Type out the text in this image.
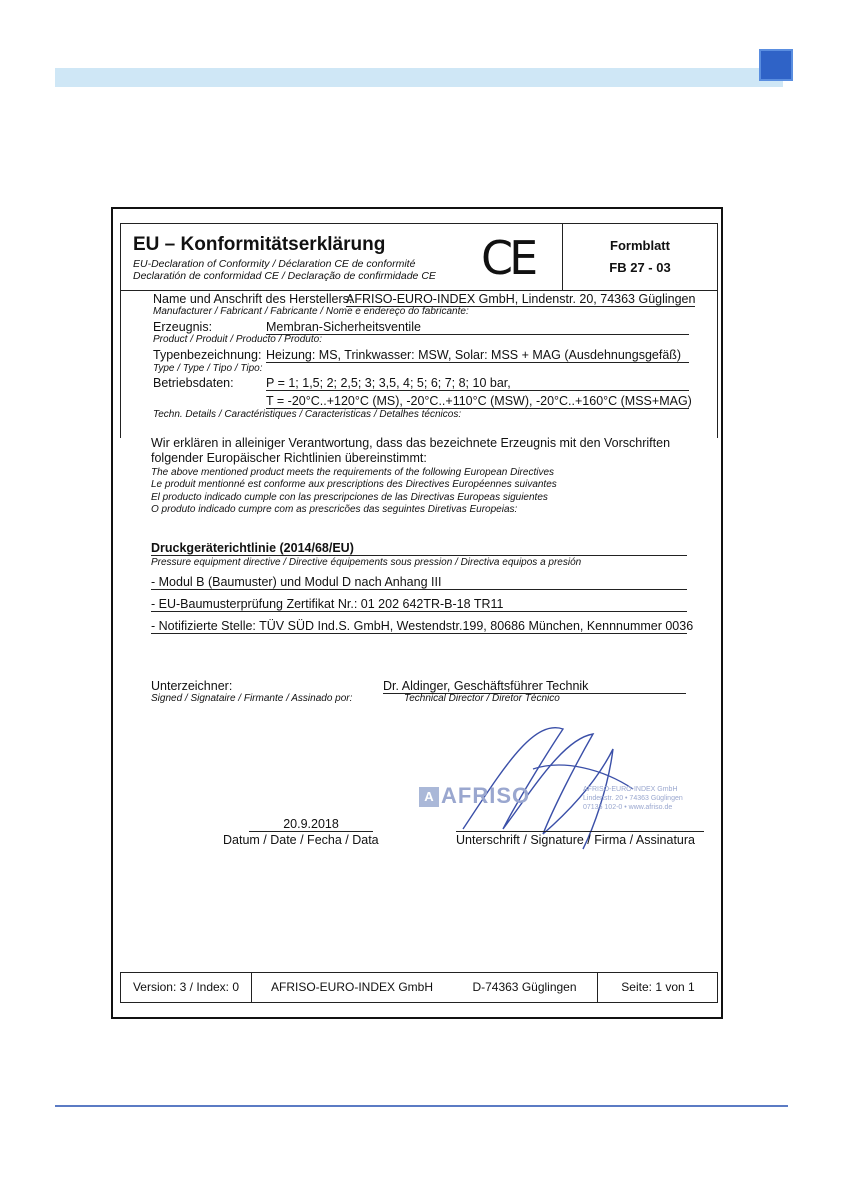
EU – Konformitätserklärung
EU-Declaration of Conformity / Déclaration CE de conformité
Declaratión de conformidad CE / Declaração de confirmidade CE CE	Formblatt
FB 27 - 03
Name und Anschrift des Herstellers:
AFRISO-EURO-INDEX GmbH, Lindenstr. 20, 74363 Güglingen
Manufacturer / Fabricant / Fabricante / Nome e endereço do fabricante:
Erzeugnis:	Membran-Sicherheitsventile
Product / Produit / Producto / Produto:
Typenbezeichnung: Heizung: MS, Trinkwasser: MSW, Solar: MSS + MAG (Ausdehnungsgefäß)
Type / Type / Tipo / Tipo:
Betriebsdaten:	P = 1; 1,5; 2; 2,5; 3; 3,5, 4; 5; 6; 7; 8; 10 bar,
T = -20°C..+120°C (MS), -20°C..+110°C (MSW), -20°C..+160°C (MSS+MAG)
Techn. Details / Caractéristiques / Caracteristicas / Detalhes técnicos:
Wir erklären in alleiniger Verantwortung, dass das bezeichnete Erzeugnis mit den Vorschriften
folgender Europäischer Richtlinien übereinstimmt:
The above mentioned product meets the requirements of the following European Directives
Le produit mentionné est conforme aux prescriptions des Directives Européennes suivantes
El producto indicado cumple con las prescripciones de las Directivas Europeas siguientes
O produto indicado cumpre com as prescricões das seguintes Diretivas Europeias:
Druckgeräterichtlinie (2014/68/EU)
Pressure equipment directive / Directive équipements sous pression / Directiva equipos a presión
- Modul B (Baumuster) und Modul D nach Anhang III
- EU-Baumusterprüfung Zertifikat Nr.: 01 202 642TR-B-18 TR11
- Notifizierte Stelle: TÜV SÜD Ind.S. GmbH, Westendstr.199, 80686 München, Kennnummer 0036
Unterzeichner:
Signed / Signataire / Firmante / Assinado por:
Dr. Aldinger, Geschäftsführer Technik
Technical Director / Diretor Técnico
A AFRISO	AFRISO-EURO-INDEX GmbH
Lindenstr. 20 • 74363 Güglingen
07135 102-0 • www.afriso.de
20.9.2018
Datum / Date / Fecha / Data	Unterschrift / Signature / Firma / Assinatura
Version: 3 / Index: 0	AFRISO-EURO-INDEX GmbH	D-74363 Güglingen	Seite: 1 von 1
